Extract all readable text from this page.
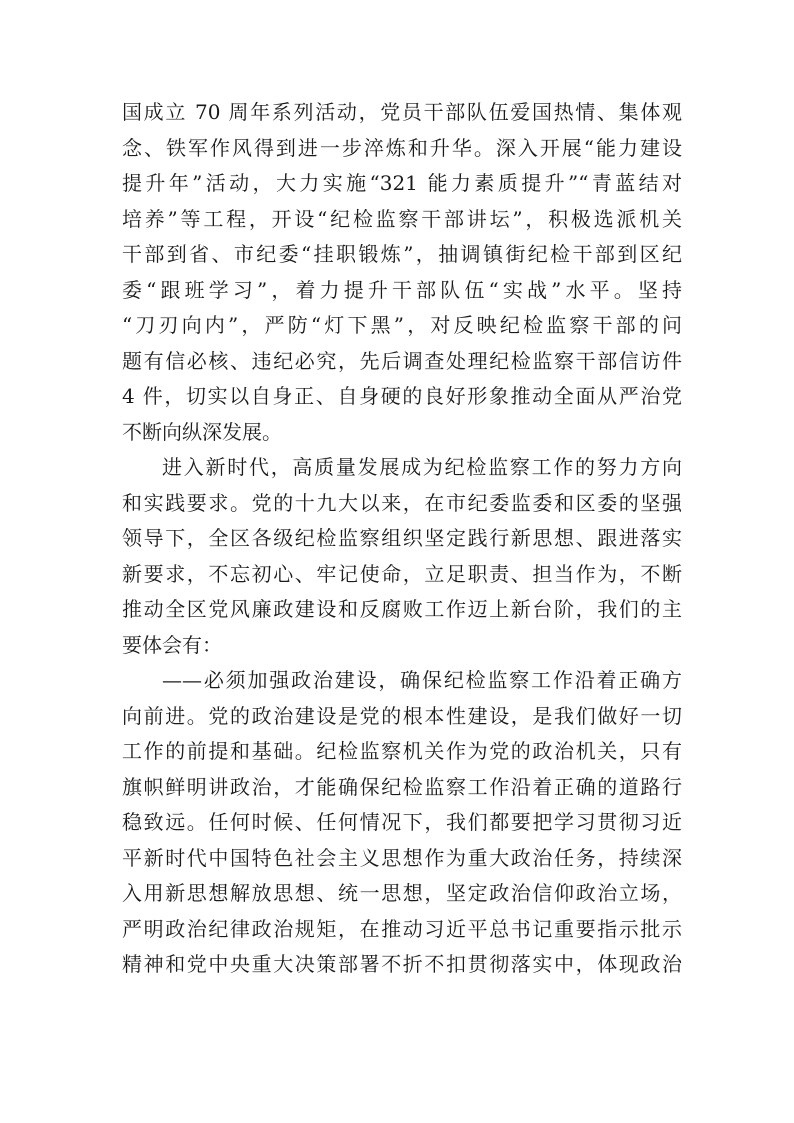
国成立 70 周年系列活动，党员干部队伍爱国热情、集体观
念、铁军作风得到进一步淬炼和升华。深入开展“能力建设
提升年”活动，大力实施“321 能力素质提升”“青蓝结对
培养”等工程，开设“纪检监察干部讲坛”，积极选派机关
干部到省、市纪委“挂职锻炼”，抽调镇街纪检干部到区纪
委“跟班学习”，着力提升干部队伍“实战”水平。坚持
“刀刃向内”，严防“灯下黑”，对反映纪检监察干部的问
题有信必核、违纪必究，先后调查处理纪检监察干部信访件
4 件，切实以自身正、自身硬的良好形象推动全面从严治党
不断向纵深发展。
进入新时代，高质量发展成为纪检监察工作的努力方向
和实践要求。党的十九大以来，在市纪委监委和区委的坚强
领导下，全区各级纪检监察组织坚定践行新思想、跟进落实
新要求，不忘初心、牢记使命，立足职责、担当作为，不断
推动全区党风廉政建设和反腐败工作迈上新台阶，我们的主
要体会有：
——必须加强政治建设，确保纪检监察工作沿着正确方
向前进。党的政治建设是党的根本性建设，是我们做好一切
工作的前提和基础。纪检监察机关作为党的政治机关，只有
旗帜鲜明讲政治，才能确保纪检监察工作沿着正确的道路行
稳致远。任何时候、任何情况下，我们都要把学习贯彻习近
平新时代中国特色社会主义思想作为重大政治任务，持续深
入用新思想解放思想、统一思想，坚定政治信仰政治立场，
严明政治纪律政治规矩，在推动习近平总书记重要指示批示
精神和党中央重大决策部署不折不扣贯彻落实中，体现政治
